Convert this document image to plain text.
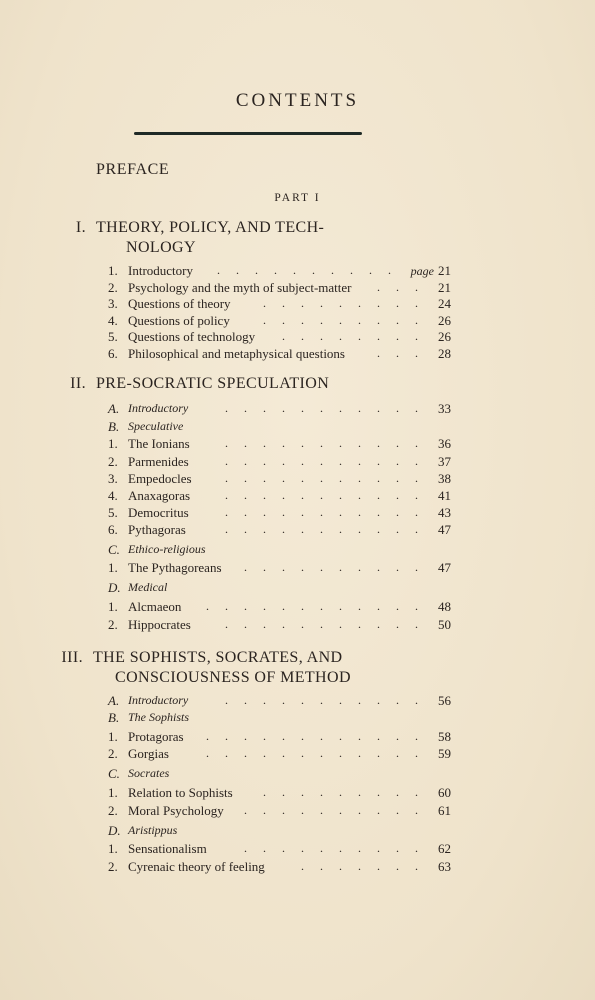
CONTENTS
PREFACE
PART I
I. THEORY, POLICY, AND TECH-
NOLOGY
II. PRE-SOCRATIC SPECULATION
III. THE SOPHISTS, SOCRATES, AND
CONSCIOUSNESS OF METHOD
1. Introductory	page 21
..........
2. Psychology and the myth of subject-matter	21
...
3. Questions of theory	24
.........
4. Questions of policy	26
.........
5. Questions of technology	26
........
6. Philosophical and metaphysical questions	28
...
A. Introductory	33
...........
B. Speculative
1. The Ionians	36
...........
2. Parmenides	37
...........
3. Empedocles	38
...........
4. Anaxagoras	41
...........
5. Democritus	43
...........
6. Pythagoras	47
...........
C. Ethico-religious
1. The Pythagoreans	47
..........
D. Medical
1. Alcmaeon	48
............
2. Hippocrates	50
...........
A. Introductory	56
...........
B. The Sophists
1. Protagoras	58
............
2. Gorgias	59
............
C. Socrates
1. Relation to Sophists	60
.........
2. Moral Psychology	61
..........
D. Aristippus
1. Sensationalism	62
..........
2. Cyrenaic theory of feeling	63
.......
